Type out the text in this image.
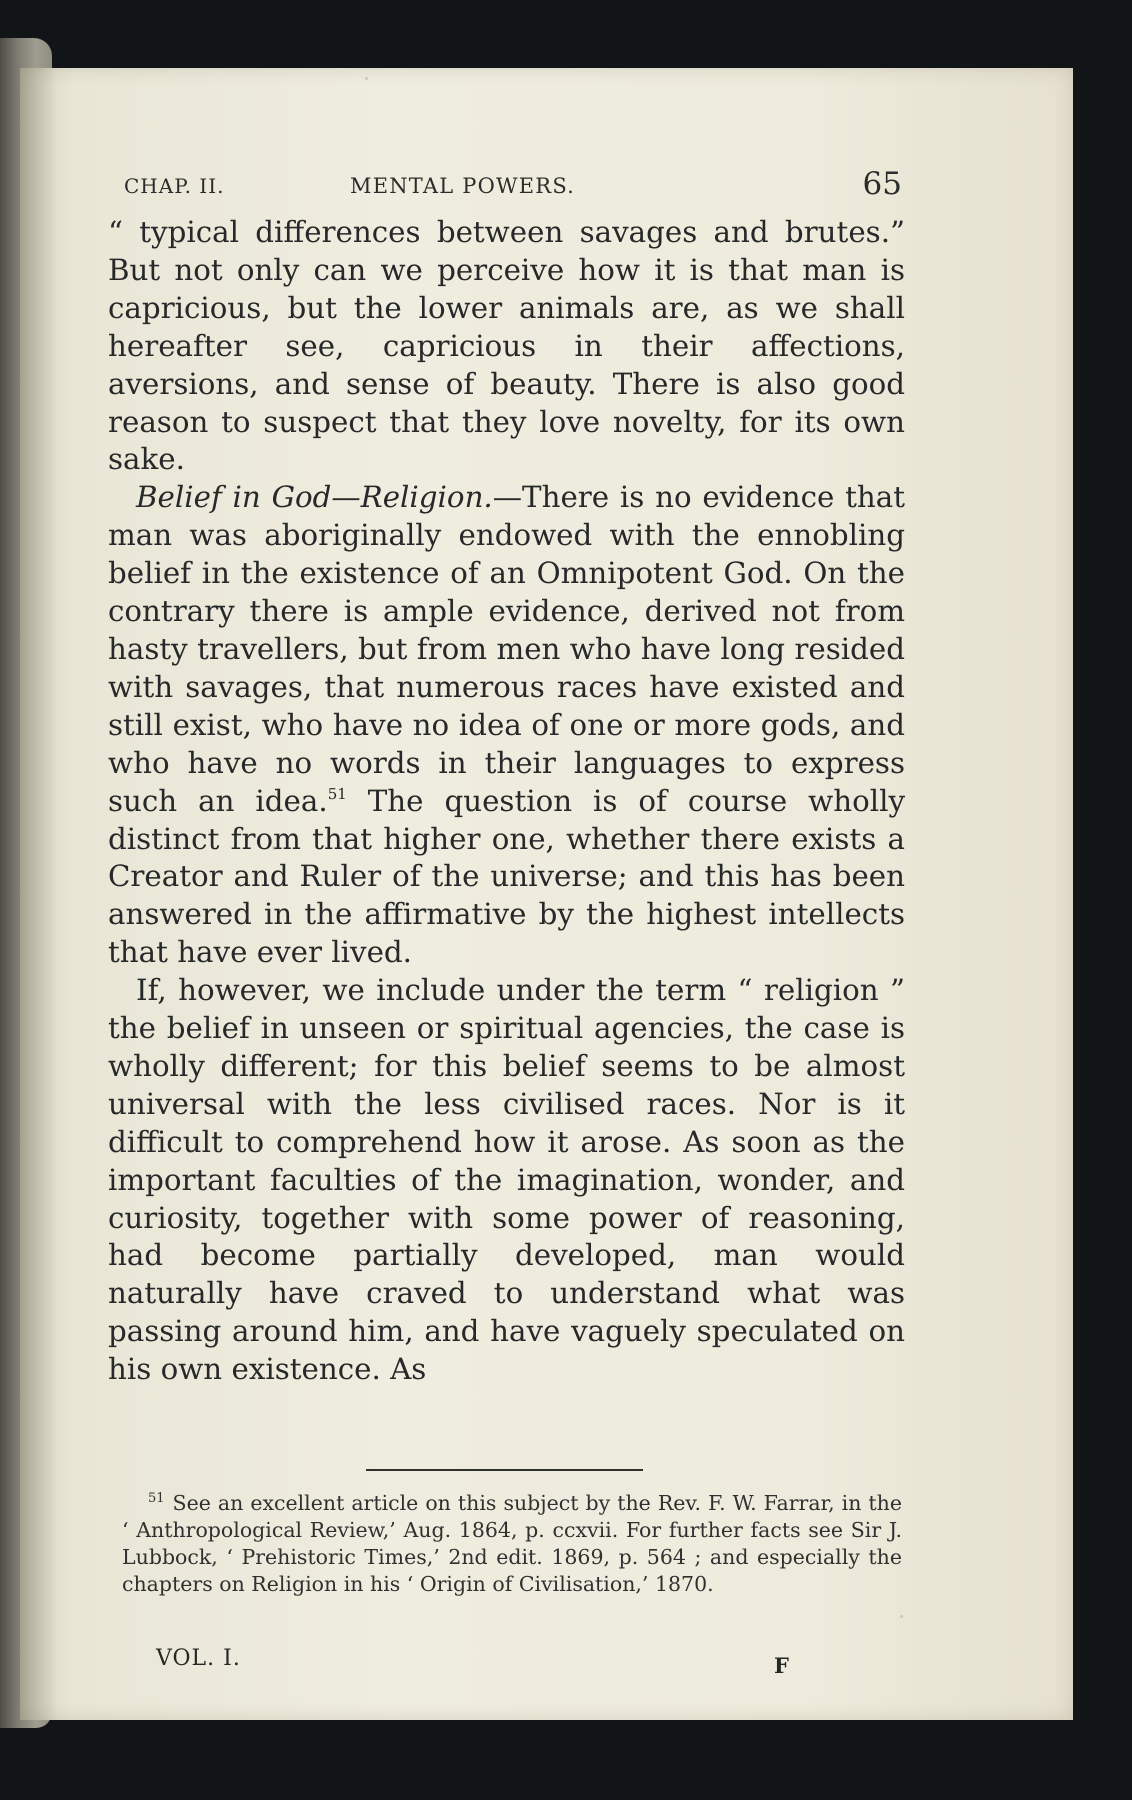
CHAP. II.	MENTAL POWERS.	65

“ typical differences between savages and brutes.” But not only can we perceive how it is that man is capricious, but the lower animals are, as we shall hereafter see, capricious in their affections, aversions, and sense of beauty. There is also good reason to suspect that they love novelty, for its own sake.

Belief in God—Religion.—There is no evidence that man was aboriginally endowed with the ennobling belief in the existence of an Omnipotent God. On the contrary there is ample evidence, derived not from hasty travellers, but from men who have long resided with savages, that numerous races have existed and still exist, who have no idea of one or more gods, and who have no words in their languages to express such an idea.$^{51}$ The question is of course wholly distinct from that higher one, whether there exists a Creator and Ruler of the universe; and this has been answered in the affirmative by the highest intellects that have ever lived.

If, however, we include under the term “ religion ” the belief in unseen or spiritual agencies, the case is wholly different; for this belief seems to be almost universal with the less civilised races. Nor is it difficult to comprehend how it arose. As soon as the important faculties of the imagination, wonder, and curiosity, together with some power of reasoning, had become partially developed, man would naturally have craved to understand what was passing around him, and have vaguely speculated on his own existence. As

$^{51}$ See an excellent article on this subject by the Rev. F. W. Farrar, in the ‘ Anthropological Review,’ Aug. 1864, p. ccxvii. For further facts see Sir J. Lubbock, ‘ Prehistoric Times,’ 2nd edit. 1869, p. 564 ; and especially the chapters on Religion in his ‘ Origin of Civilisation,’ 1870.
VOL. I.	F
